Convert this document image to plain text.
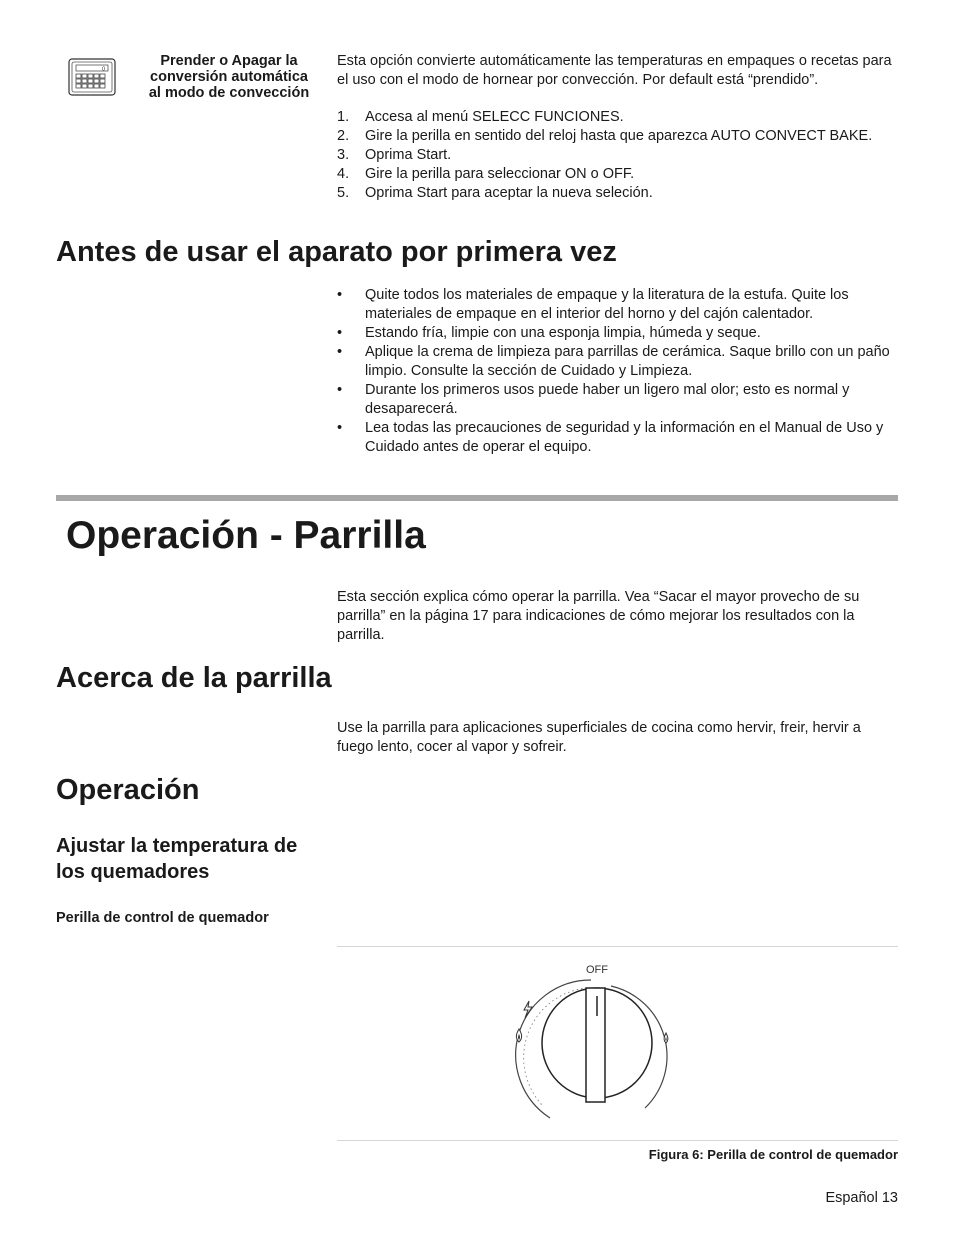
0
Prender o Apagar la
conversión automática
al modo de convección
Esta opción convierte automáticamente las temperaturas en empaques o recetas para el uso con el modo de hornear por convección. Por default está “prendido”.
1. Accesa al menú SELECC FUNCIONES.
2. Gire la perilla en sentido del reloj hasta que aparezca AUTO CONVECT BAKE.
3. Oprima Start.
4. Gire la perilla para seleccionar ON o OFF.
5. Oprima Start para aceptar la nueva seleción.
Antes de usar el aparato por primera vez
• Quite todos los materiales de empaque y la literatura de la estufa. Quite los materiales de empaque en el interior del horno y del cajón calentador.
• Estando fría, limpie con una esponja limpia, húmeda y seque.
• Aplique la crema de limpieza para parrillas de cerámica. Saque brillo con un paño limpio. Consulte la sección de Cuidado y Limpieza.
• Durante los primeros usos puede haber un ligero mal olor; esto es normal y desaparecerá.
• Lea todas las precauciones de seguridad y la información en el Manual de Uso y Cuidado antes de operar el equipo.
Operación - Parrilla
Esta sección explica cómo operar la parrilla. Vea “Sacar el mayor provecho de su parrilla” en la página 17 para indicaciones de cómo mejorar los resultados con la parrilla.
Acerca de la parrilla
Use la parrilla para aplicaciones superficiales de cocina como hervir, freir, hervir a fuego lento, cocer al vapor y sofreir.
Operación
Ajustar la temperatura de
los quemadores
Perilla de control de quemador
OFF
Figura 6: Perilla de control de quemador
Español 13
